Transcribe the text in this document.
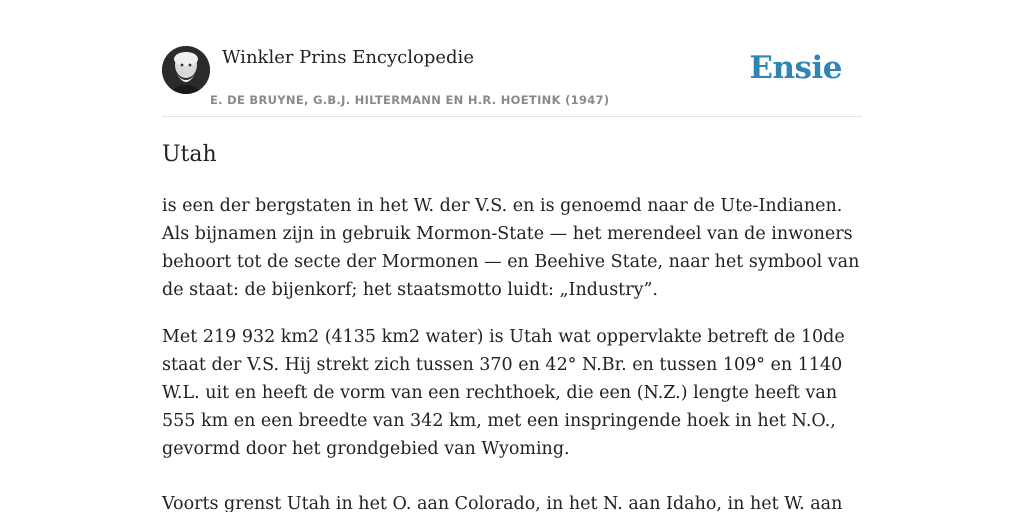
Winkler Prins Encyclopedie
E. DE BRUYNE, G.B.J. HILTERMANN EN H.R. HOETINK (1947)
Ensie
Utah

is een der bergstaten in het W. der V.S. en is genoemd naar de Ute-Indianen. Als bijnamen zijn in gebruik Mormon-State — het merendeel van de inwoners behoort tot de secte der Mormonen — en Beehive State, naar het symbool van de staat: de bijenkorf; het staatsmotto luidt: „Industry”.

Met 219 932 km2 (4135 km2 water) is Utah wat oppervlakte betreft de 10de staat der V.S. Hij strekt zich tussen 370 en 42° N.Br. en tussen 109° en 1140 W.L. uit en heeft de vorm van een rechthoek, die een (N.Z.) lengte heeft van 555 km en een breedte van 342 km, met een inspringende hoek in het N.O., gevormd door het grondgebied van Wyoming.

Voorts grenst Utah in het O. aan Colorado, in het N. aan Idaho, in het W. aan
